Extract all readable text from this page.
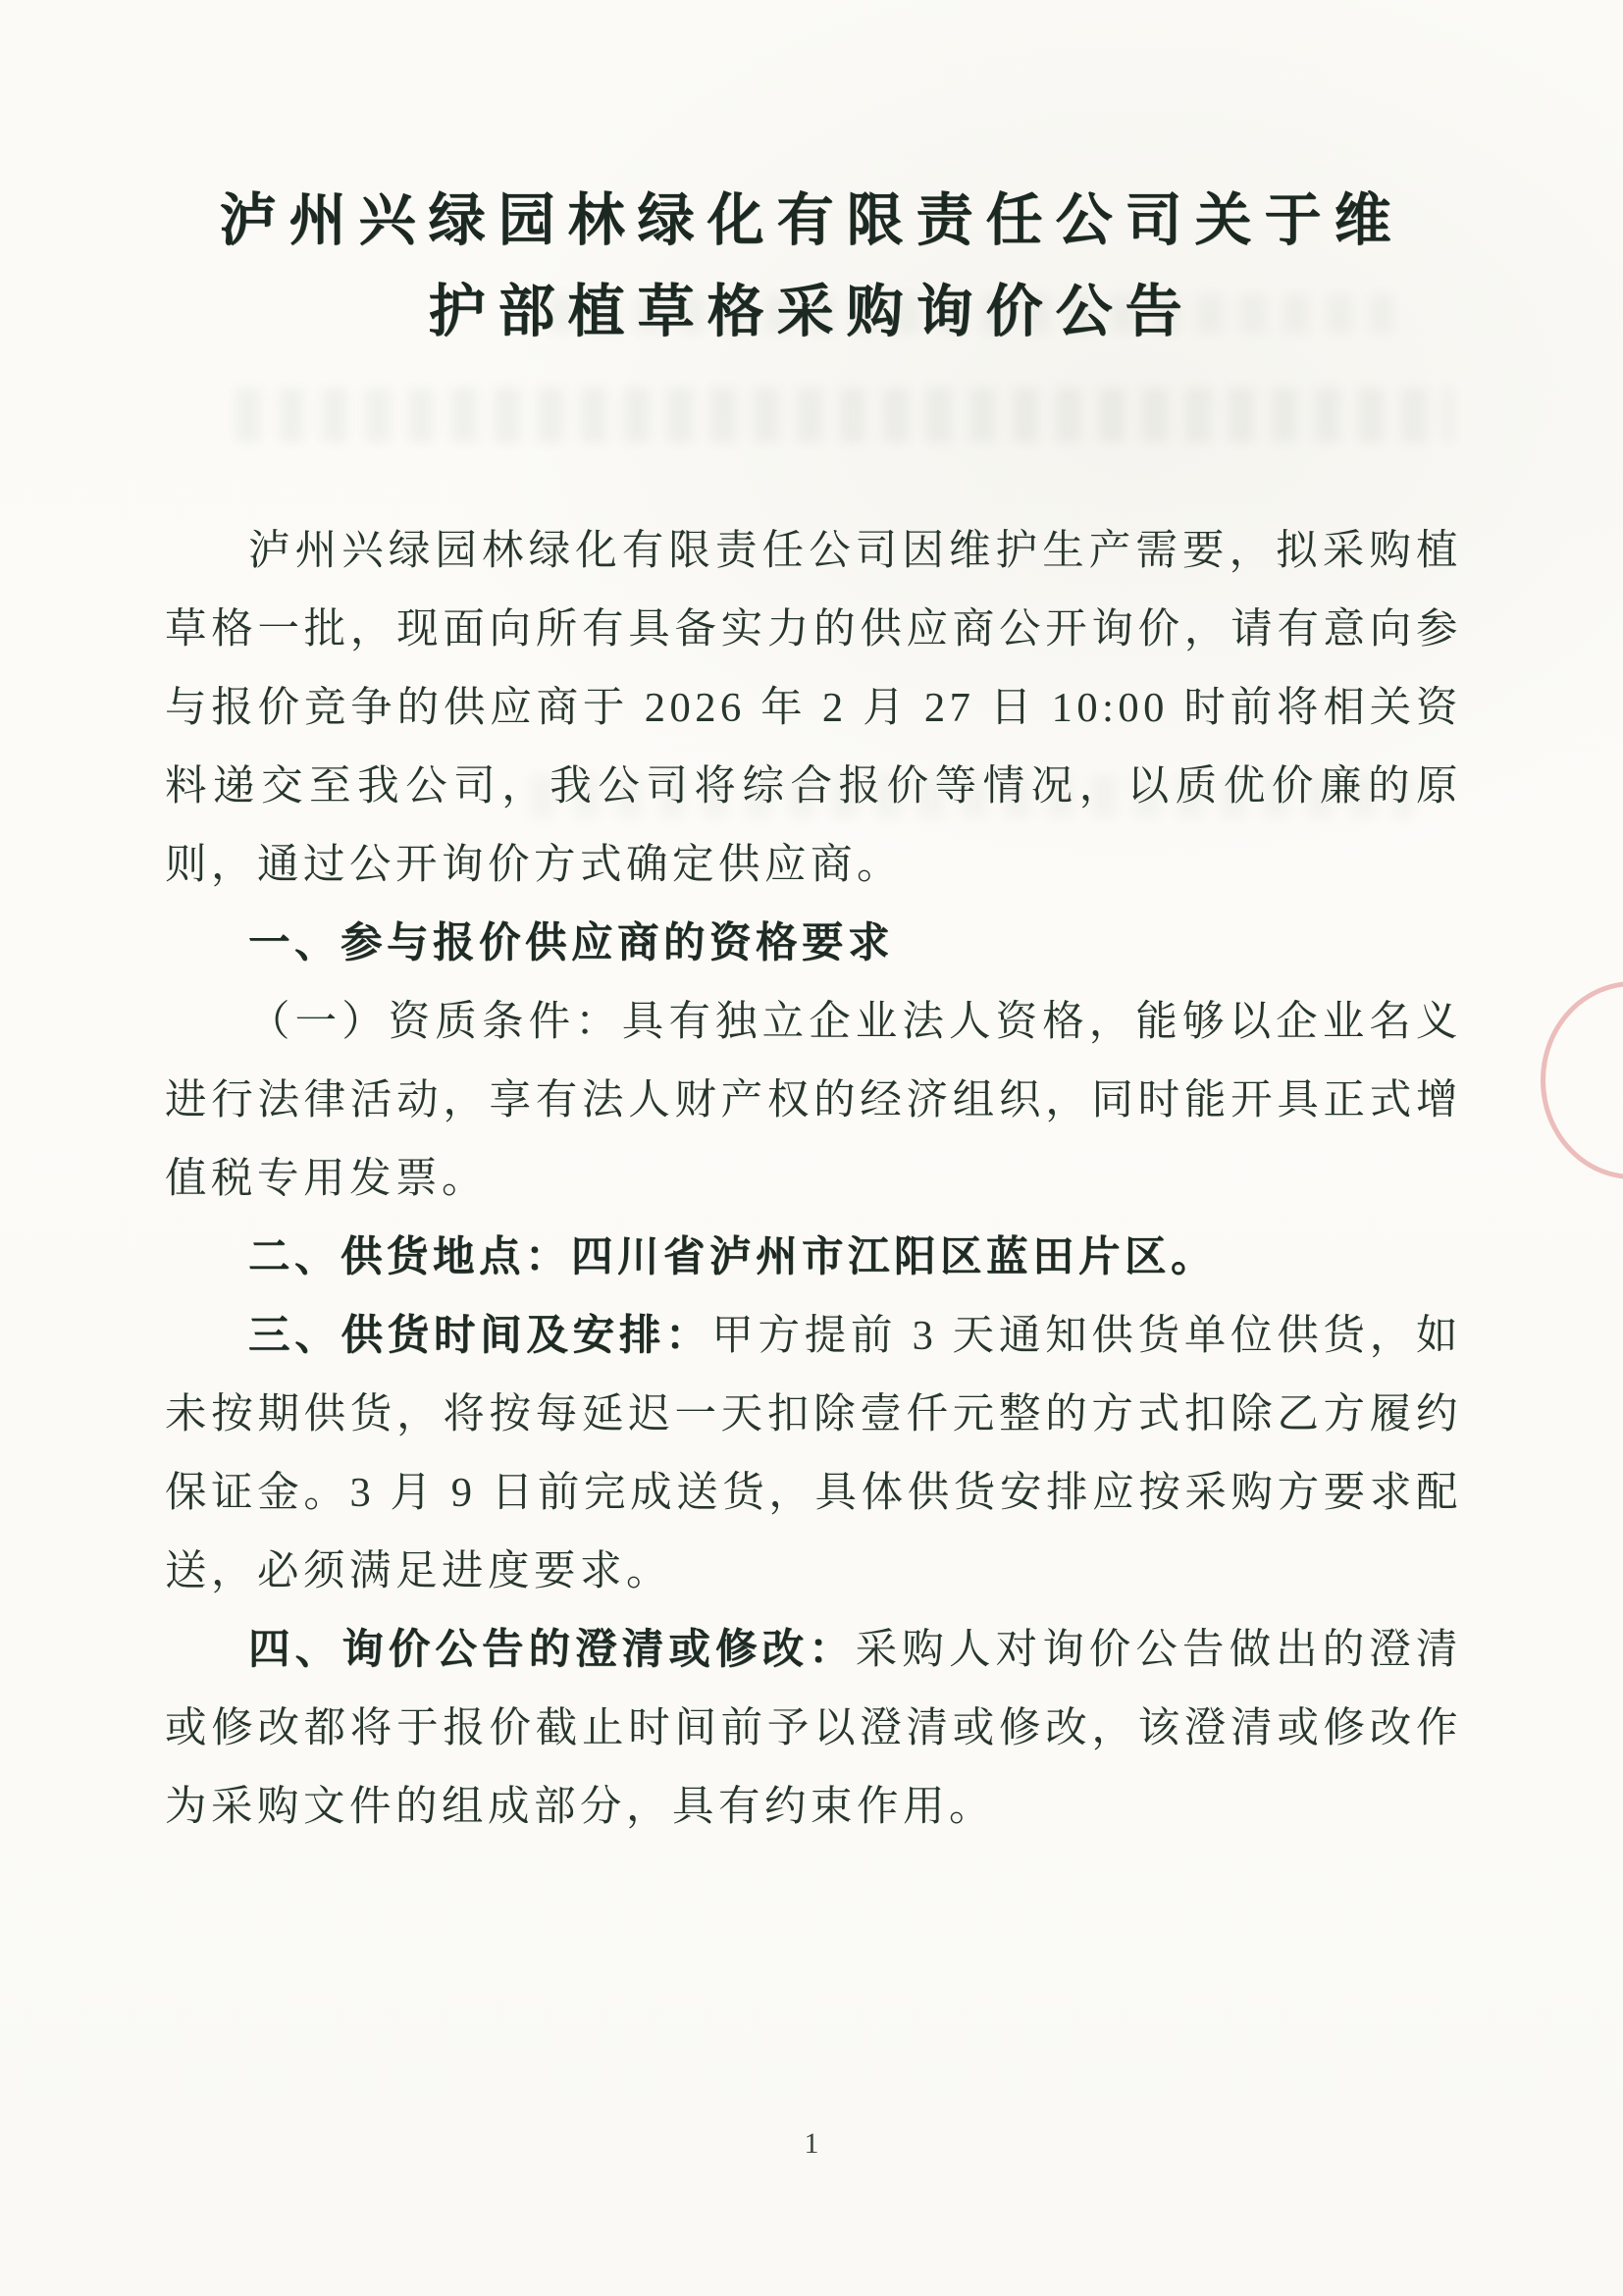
泸州兴绿园林绿化有限责任公司关于维
护部植草格采购询价公告

泸州兴绿园林绿化有限责任公司因维护生产需要，拟采购植草格一批，现面向所有具备实力的供应商公开询价，请有意向参与报价竞争的供应商于 2026 年 2 月 27 日 10:00 时前将相关资料递交至我公司，我公司将综合报价等情况，以质优价廉的原则，通过公开询价方式确定供应商。

一、参与报价供应商的资格要求

（一）资质条件：具有独立企业法人资格，能够以企业名义进行法律活动，享有法人财产权的经济组织，同时能开具正式增值税专用发票。

二、供货地点：四川省泸州市江阳区蓝田片区。

三、供货时间及安排：甲方提前 3 天通知供货单位供货，如未按期供货，将按每延迟一天扣除壹仟元整的方式扣除乙方履约保证金。3 月 9 日前完成送货，具体供货安排应按采购方要求配送，必须满足进度要求。

四、询价公告的澄清或修改：采购人对询价公告做出的澄清或修改都将于报价截止时间前予以澄清或修改，该澄清或修改作为采购文件的组成部分，具有约束作用。

1
